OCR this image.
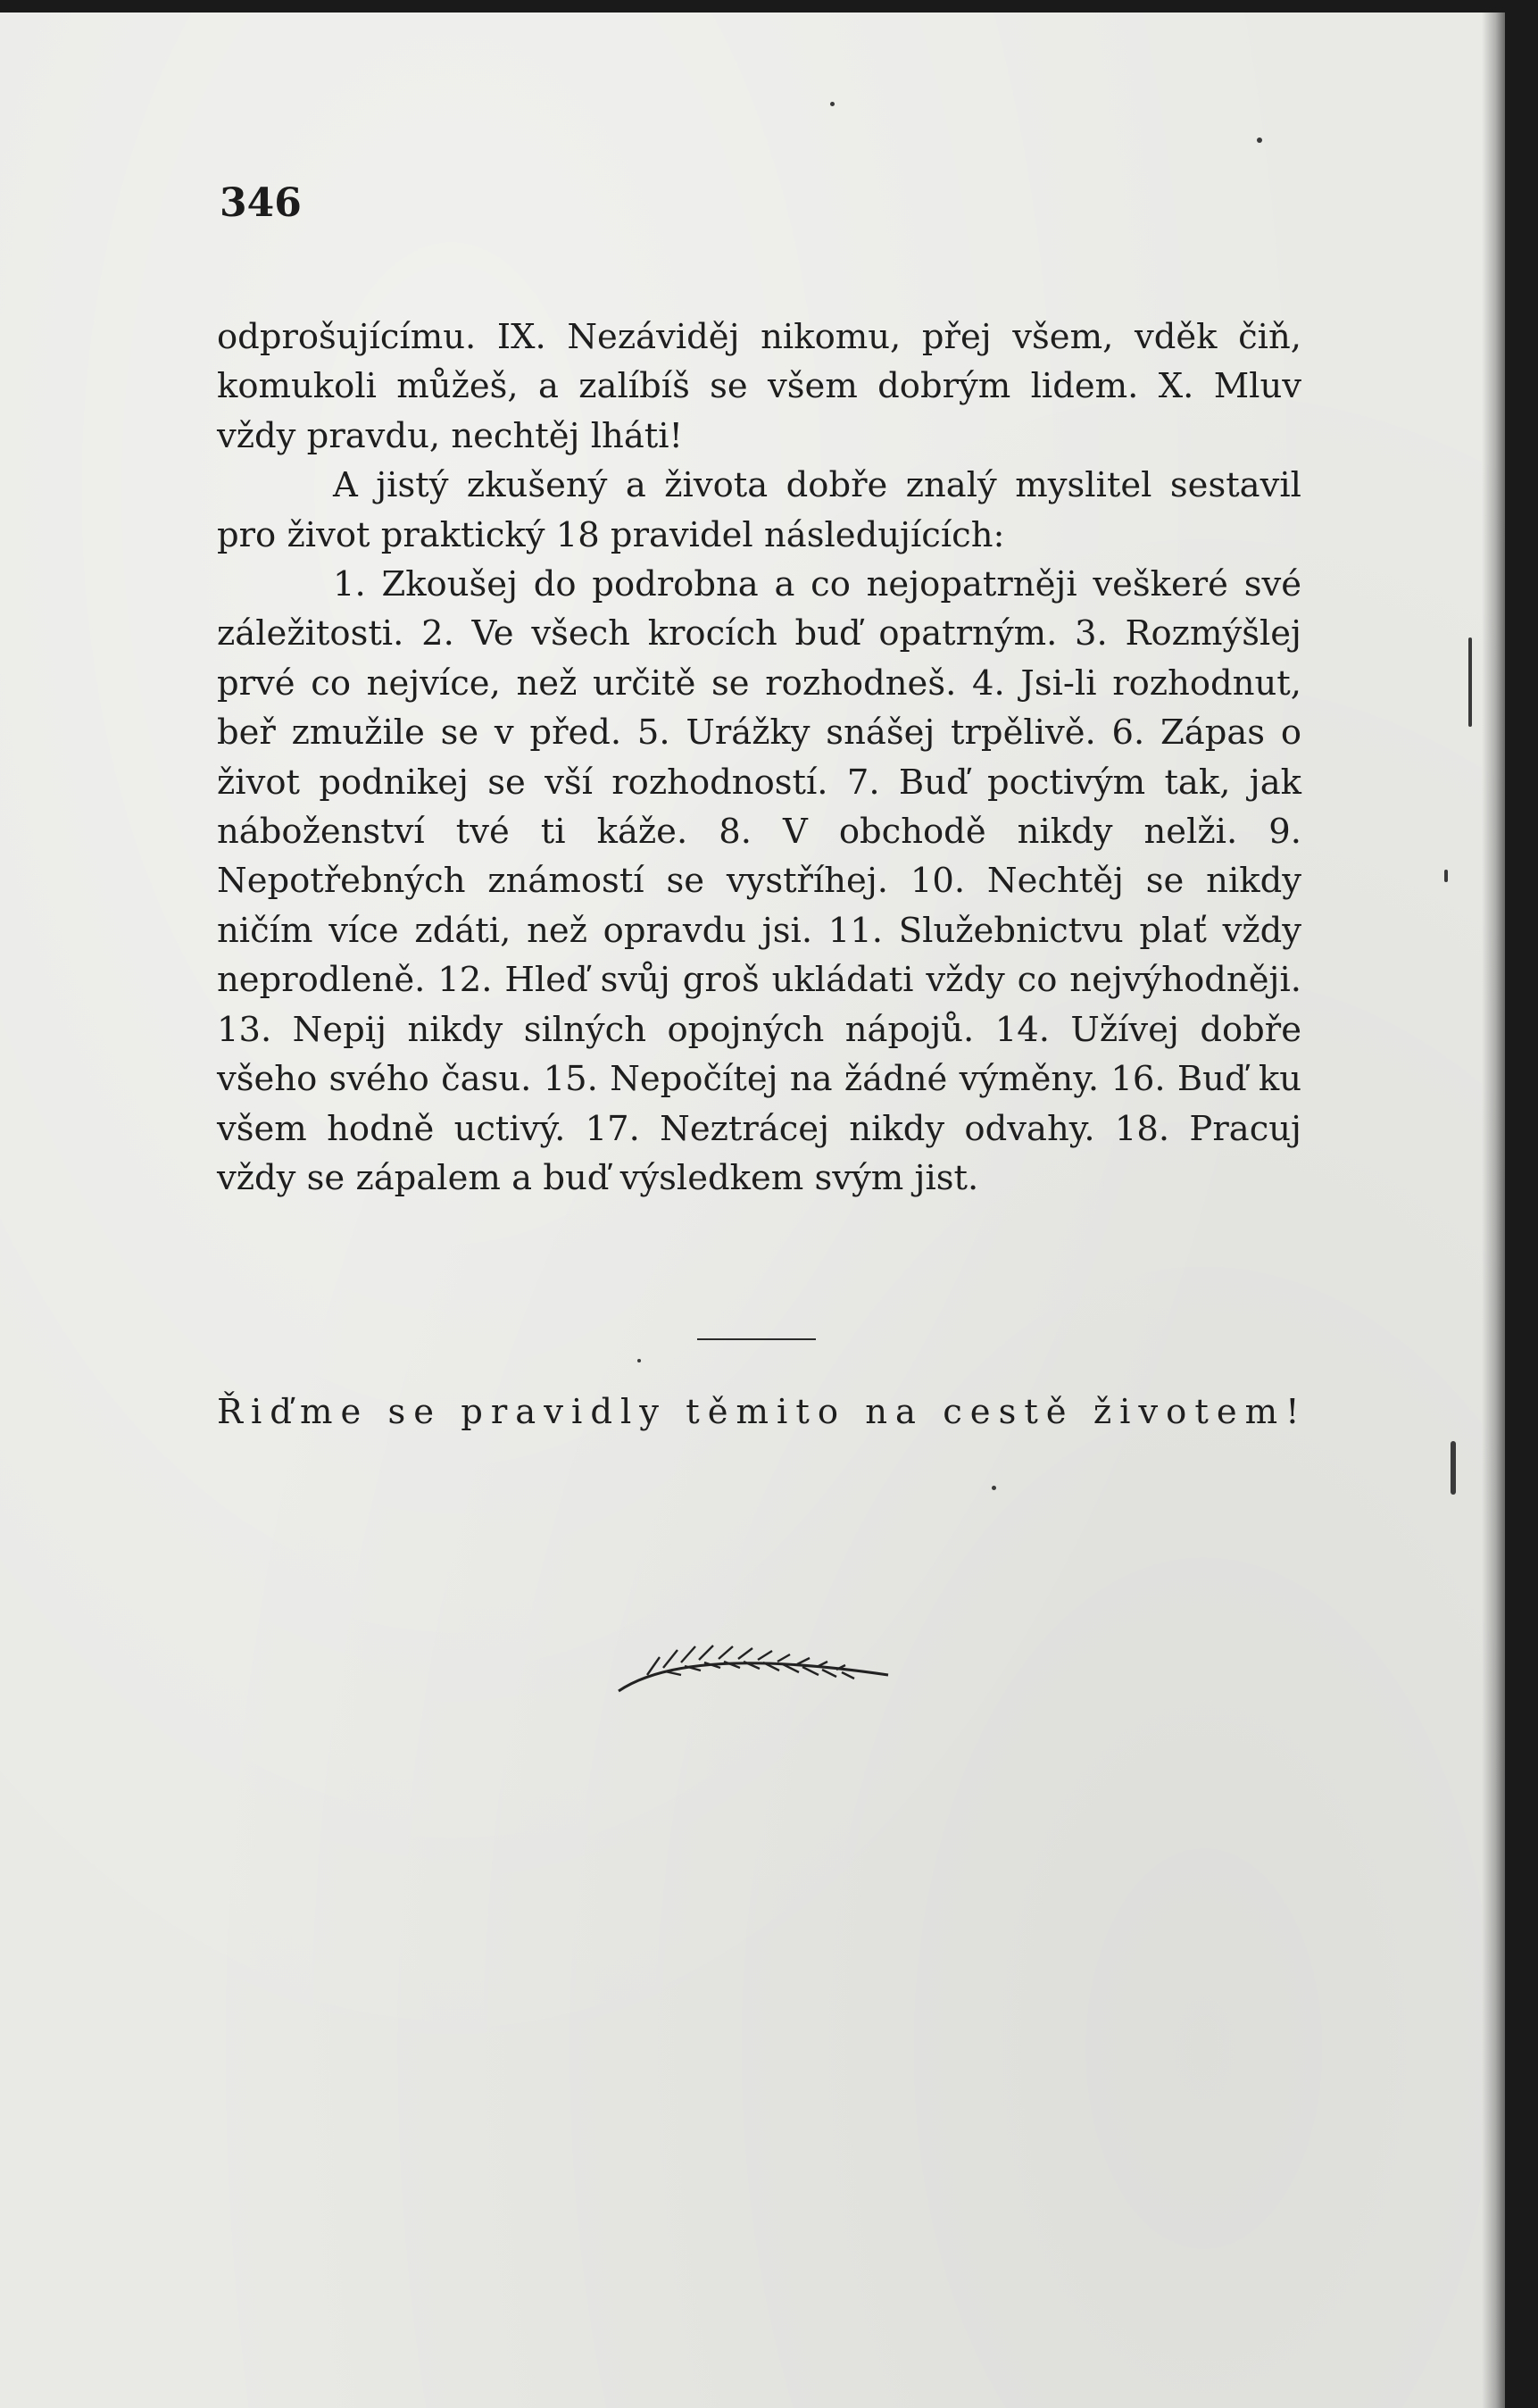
346

odprošujícímu. IX. Nezáviděj nikomu, přej všem, vděk čiň, komukoli můžeš, a zalíbíš se všem dobrým lidem. X. Mluv vždy pravdu, nechtěj lháti!

A jistý zkušený a života dobře znalý myslitel sestavil pro život praktický 18 pravidel následujících:

1. Zkoušej do podrobna a co nejopatrněji veškeré své záležitosti. 2. Ve všech krocích buď opatrným. 3. Rozmýšlej prvé co nejvíce, než určitě se rozhodneš. 4. Jsi-li rozhodnut, beř zmužile se v před. 5. Urážky snášej trpělivě. 6. Zápas o život podnikej se vší rozhodností. 7. Buď poctivým tak, jak náboženství tvé ti káže. 8. V obchodě nikdy nelži. 9. Nepotřebných známostí se vystříhej. 10. Nechtěj se nikdy ničím více zdáti, než opravdu jsi. 11. Služebnictvu plať vždy neprodleně. 12. Hleď svůj groš ukládati vždy co nejvýhodněji. 13. Nepij nikdy silných opojných nápojů. 14. Užívej dobře všeho svého času. 15. Nepočítej na žádné výměny. 16. Buď ku všem hodně uctivý. 17. Neztrácej nikdy odvahy. 18. Pracuj vždy se zápalem a buď výsledkem svým jist.

Řiďme se pravidly těmito na cestě životem!
